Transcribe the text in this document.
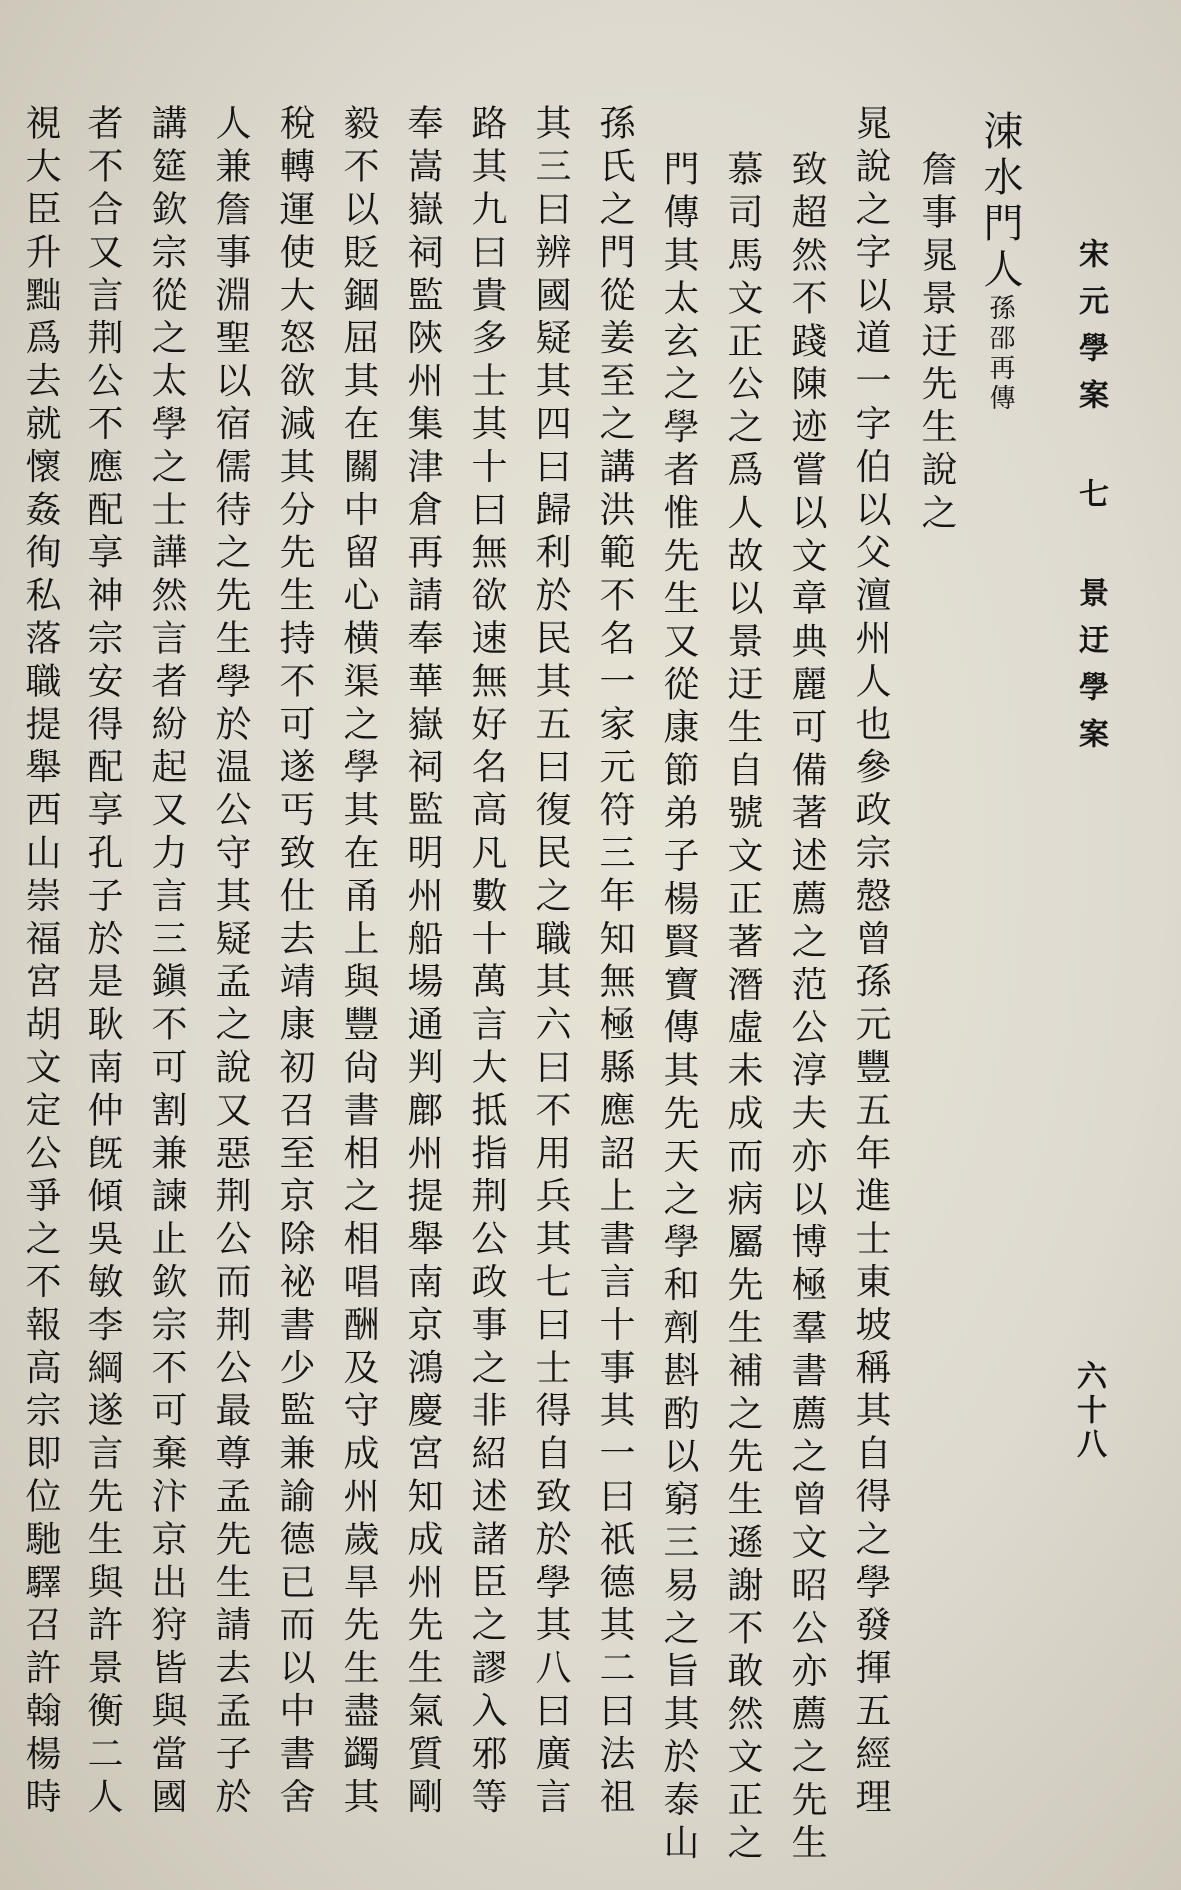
宋元學案 七 景迂學案
六十八
涑水門人孫邵再傳
詹事晁景迂先生說之
晁說之字以道一字伯以父澶州人也參政宗慤曾孫元豐五年進士東坡稱其自得之學發揮五經理
致超然不踐陳迹嘗以文章典麗可備著述薦之范公淳夫亦以博極羣書薦之曾文昭公亦薦之先生
慕司馬文正公之爲人故以景迂生自號文正著潛虛未成而病屬先生補之先生遜謝不敢然文正之
門傳其太玄之學者惟先生又從康節弟子楊賢寶傳其先天之學和劑斟酌以窮三易之旨其於泰山
孫氏之門從姜至之講洪範不名一家元符三年知無極縣應詔上書言十事其一曰祇德其二曰法祖
其三曰辨國疑其四曰歸利於民其五曰復民之職其六曰不用兵其七曰士得自致於學其八曰廣言
路其九曰貴多士其十曰無欲速無好名高凡數十萬言大抵指荆公政事之非紹述諸臣之謬入邪等
奉嵩嶽祠監陝州集津倉再請奉華嶽祠監明州船場通判鄜州提舉南京鴻慶宮知成州先生氣質剛
毅不以貶錮屈其在關中留心横渠之學其在甬上與豐尙書相之相唱酬及守成州歲旱先生盡蠲其
稅轉運使大怒欲減其分先生持不可遂丐致仕去靖康初召至京除祕書少監兼諭德已而以中書舍
人兼詹事淵聖以宿儒待之先生學於温公守其疑孟之說又惡荆公而荆公最尊孟先生請去孟子於
講筵欽宗從之太學之士譁然言者紛起又力言三鎭不可割兼諫止欽宗不可棄汴京出狩皆與當國
者不合又言荆公不應配享神宗安得配享孔子於是耿南仲旣傾吳敏李綱遂言先生與許景衡二人
視大臣升黜爲去就懷姦徇私落職提舉西山崇福宮胡文定公爭之不報高宗即位馳驛召許翰楊時
